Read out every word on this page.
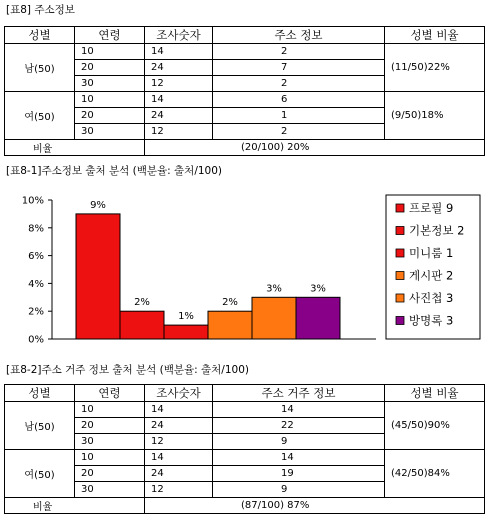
[표8] 주소정보
성별	연령	조사숫자	주소 정보	성별 비율
남(50)	10	14	2	(11/50)22%
	20	24	7	
	30	12	2	
여(50)	10	14	6	(9/50)18%
	20	24	1	
	30	12	2	
비율		(20/100) 20%		
[표8-1]주소정보 출처 분석 (백분율: 출처/100)
0%
2%
4%
6%
8%
10%	9%
2%
1%
2%
3%	3%
프로필 9
기본정보 2
미니룸 1
게시판 2
사진첩 3
방명록 3
[표8-2]주소 거주 정보 출처 분석 (백분율: 출처/100)
성별	연령	조사숫자	주소 거주 정보	성별 비율
남(50)	10	14	14	(45/50)90%
	20	24	22	
	30	12	9	
여(50)	10	14	14	(42/50)84%
	20	24	19	
	30	12	9	
비율		(87/100) 87%		
